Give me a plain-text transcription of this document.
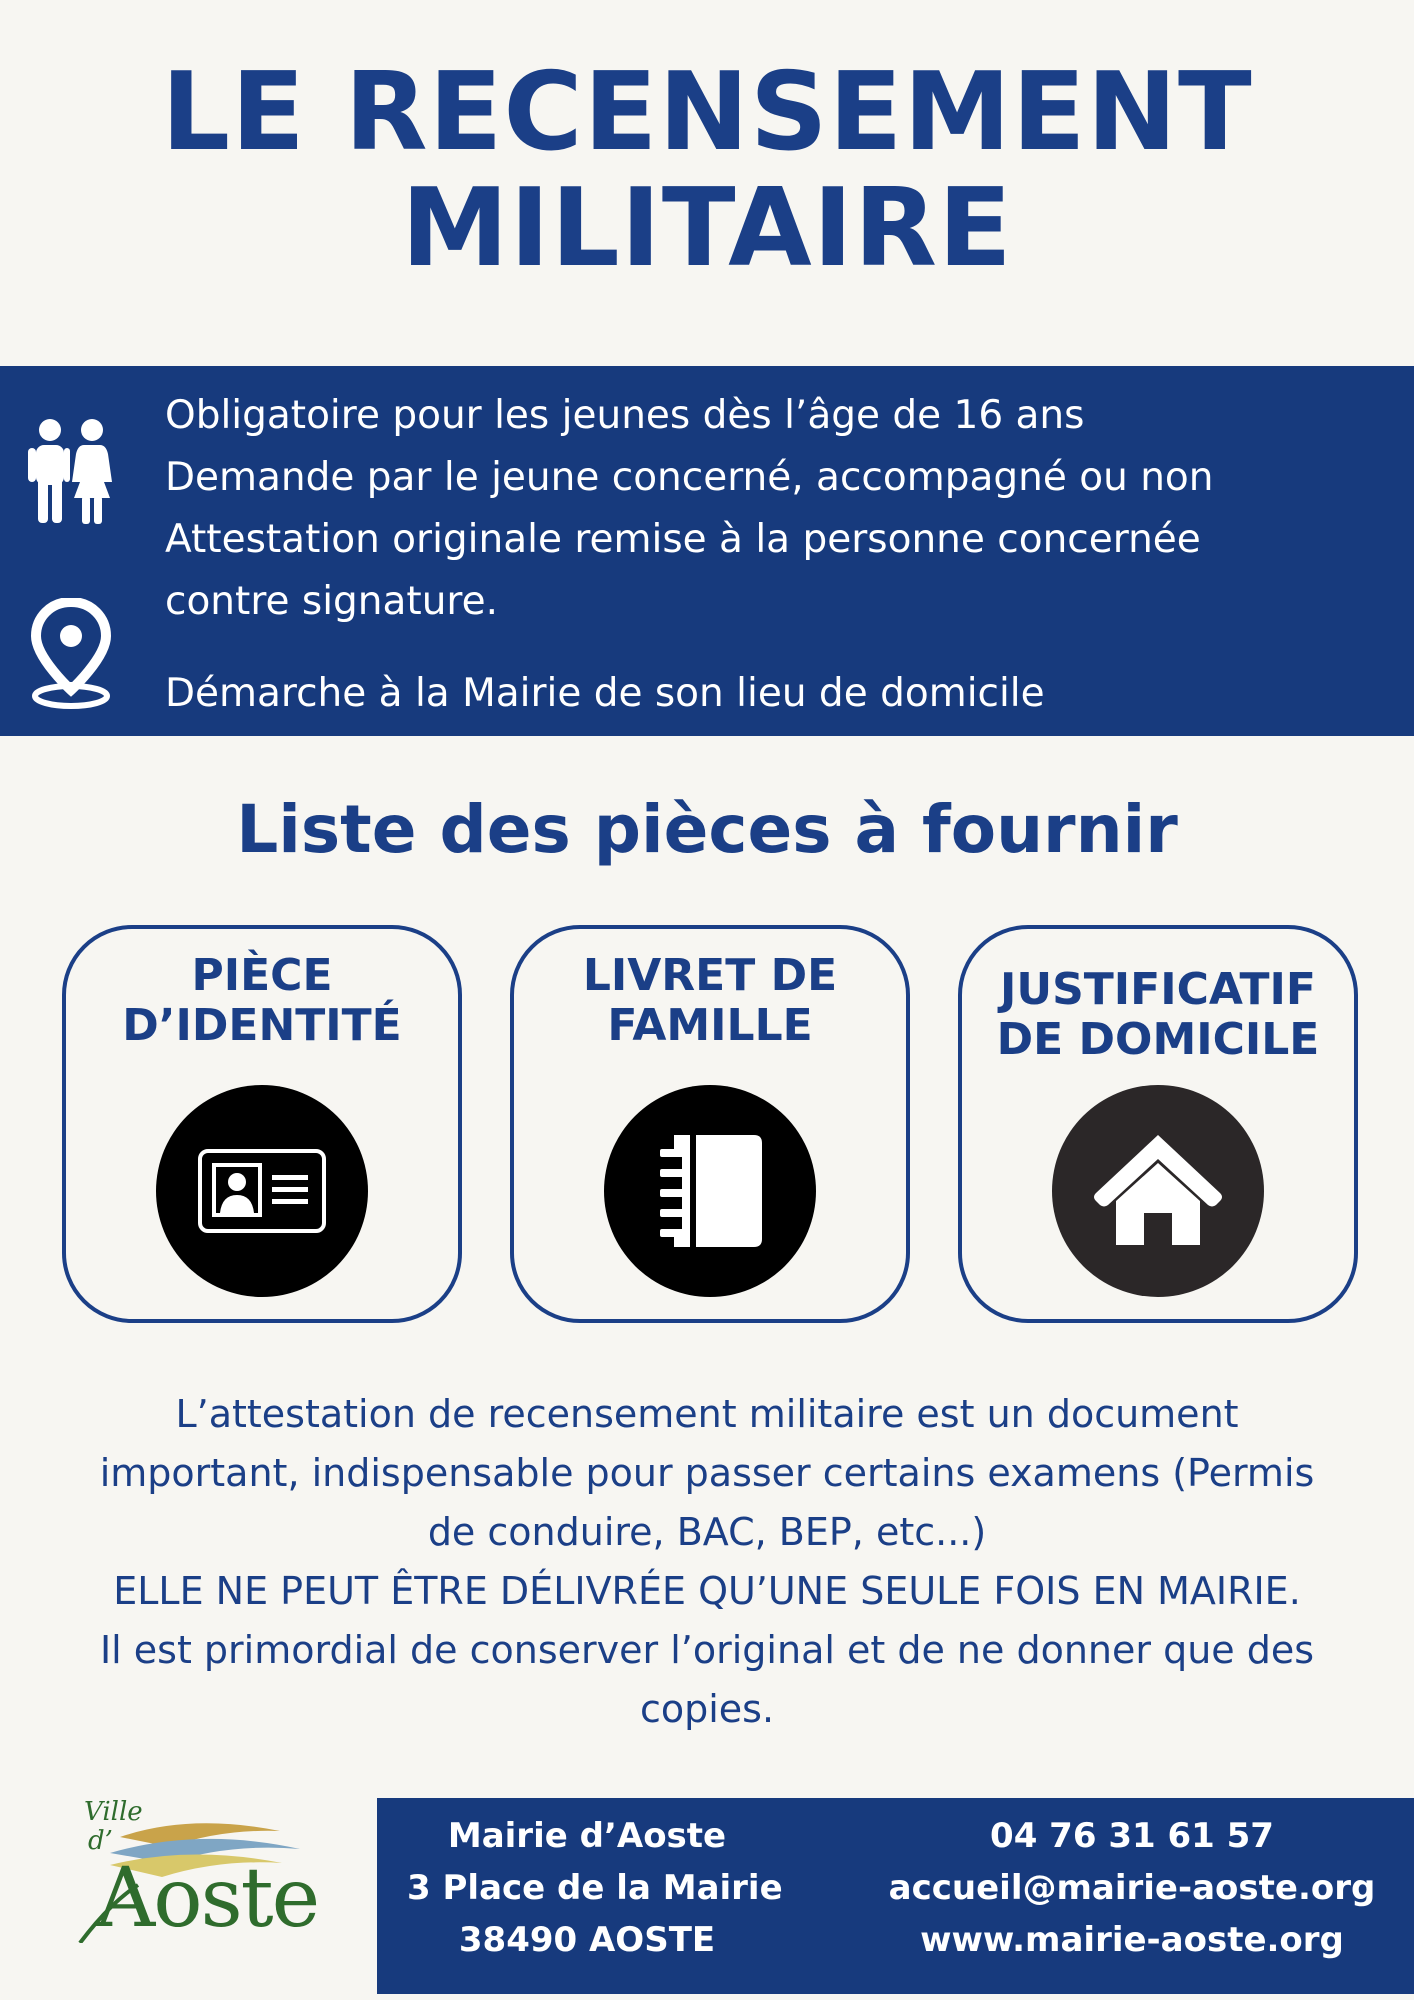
LE RECENSEMENT
MILITAIRE
Obligatoire pour les jeunes dès l’âge de 16 ans
Demande par le jeune concerné, accompagné ou non
Attestation originale remise à la personne concernée
contre signature.
Démarche à la Mairie de son lieu de domicile
Liste des pièces à fournir
PIÈCE
D’IDENTITÉ
LIVRET DE
FAMILLE
JUSTIFICATIF
DE DOMICILE

L’attestation de recensement militaire est un document

important, indispensable pour passer certains examens (Permis

de conduire, BAC, BEP, etc...)

ELLE NE PEUT ÊTRE DÉLIVRÉE QU’UNE SEULE FOIS EN MAIRIE.

Il est primordial de conserver l’original et de ne donner que des

copies.

Ville
d’
Aoste
Mairie d’Aoste
3 Place de la Mairie
38490 AOSTE
04 76 31 61 57
accueil@mairie-aoste.org
www.mairie-aoste.org
